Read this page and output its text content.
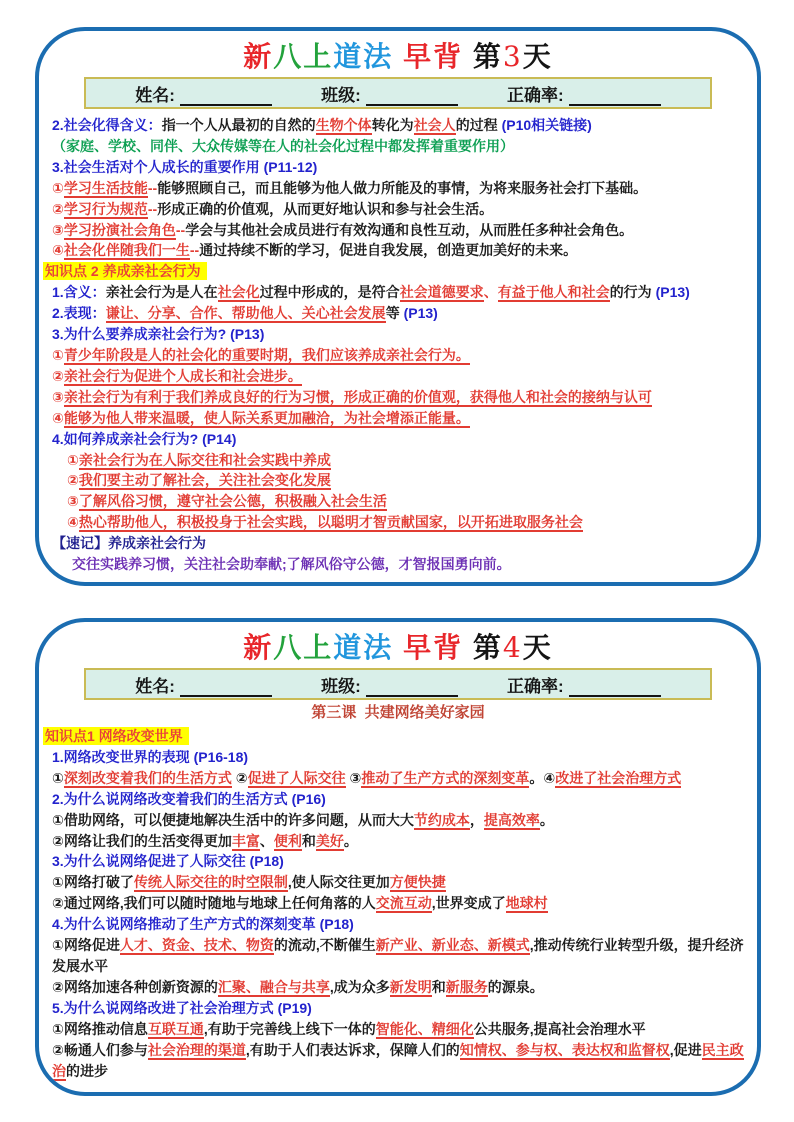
新八上道法 早背 第3天
姓名:	班级:	正确率:
2.社会化得含义：指一个人从最初的自然的生物个体转化为社会人的过程 (P10相关链接)
（家庭、学校、同伴、大众传媒等在人的社会化过程中都发挥着重要作用）
3.社会生活对个人成长的重要作用 (P11-12)
①学习生活技能--能够照顾自己，而且能够为他人做力所能及的事情，为将来服务社会打下基础。
②学习行为规范--形成正确的价值观，从而更好地认识和参与社会生活。
③学习扮演社会角色--学会与其他社会成员进行有效沟通和良性互动，从而胜任多种社会角色。
④社会化伴随我们一生--通过持续不断的学习，促进自我发展，创造更加美好的未来。
知识点 2 养成亲社会行为
1.含义：亲社会行为是人在社会化过程中形成的，是符合社会道德要求、有益于他人和社会的行为 (P13)
2.表现：谦让、分享、合作、帮助他人、关心社会发展等 (P13)
3.为什么要养成亲社会行为? (P13)
①青少年阶段是人的社会化的重要时期，我们应该养成亲社会行为。
②亲社会行为促进个人成长和社会进步。
③亲社会行为有利于我们养成良好的行为习惯，形成正确的价值观，获得他人和社会的接纳与认可
④能够为他人带来温暖，使人际关系更加融洽，为社会增添正能量。
4.如何养成亲社会行为? (P14)
①亲社会行为在人际交往和社会实践中养成
②我们要主动了解社会，关注社会变化发展
③了解风俗习惯，遵守社会公德，积极融入社会生活
④热心帮助他人，积极投身于社会实践，以聪明才智贡献国家，以开拓进取服务社会
【速记】养成亲社会行为
交往实践养习惯，关注社会助奉献;了解风俗守公德，才智报国勇向前。
新八上道法 早背 第4天
姓名:	班级:	正确率:
第三课  共建网络美好家园
知识点1 网络改变世界
1.网络改变世界的表现 (P16-18)
①深刻改变着我们的生活方式 ②促进了人际交往 ③推动了生产方式的深刻变革。④改进了社会治理方式
2.为什么说网络改变着我们的生活方式 (P16)
①借助网络，可以便捷地解决生活中的许多问题，从而大大节约成本，提高效率。
②网络让我们的生活变得更加丰富、便利和美好。
3.为什么说网络促进了人际交往 (P18)
①网络打破了传统人际交往的时空限制,使人际交往更加方便快捷
②通过网络,我们可以随时随地与地球上任何角落的人交流互动,世界变成了地球村
4.为什么说网络推动了生产方式的深刻变革 (P18)
①网络促进人才、资金、技术、物资的流动,不断催生新产业、新业态、新模式,推动传统行业转型升级，提升经济发展水平
②网络加速各种创新资源的汇聚、融合与共享,成为众多新发明和新服务的源泉。
5.为什么说网络改进了社会治理方式 (P19)
①网络推动信息互联互通,有助于完善线上线下一体的智能化、精细化公共服务,提高社会治理水平
②畅通人们参与社会治理的渠道,有助于人们表达诉求，保障人们的知情权、参与权、表达权和监督权,促进民主政治的进步
